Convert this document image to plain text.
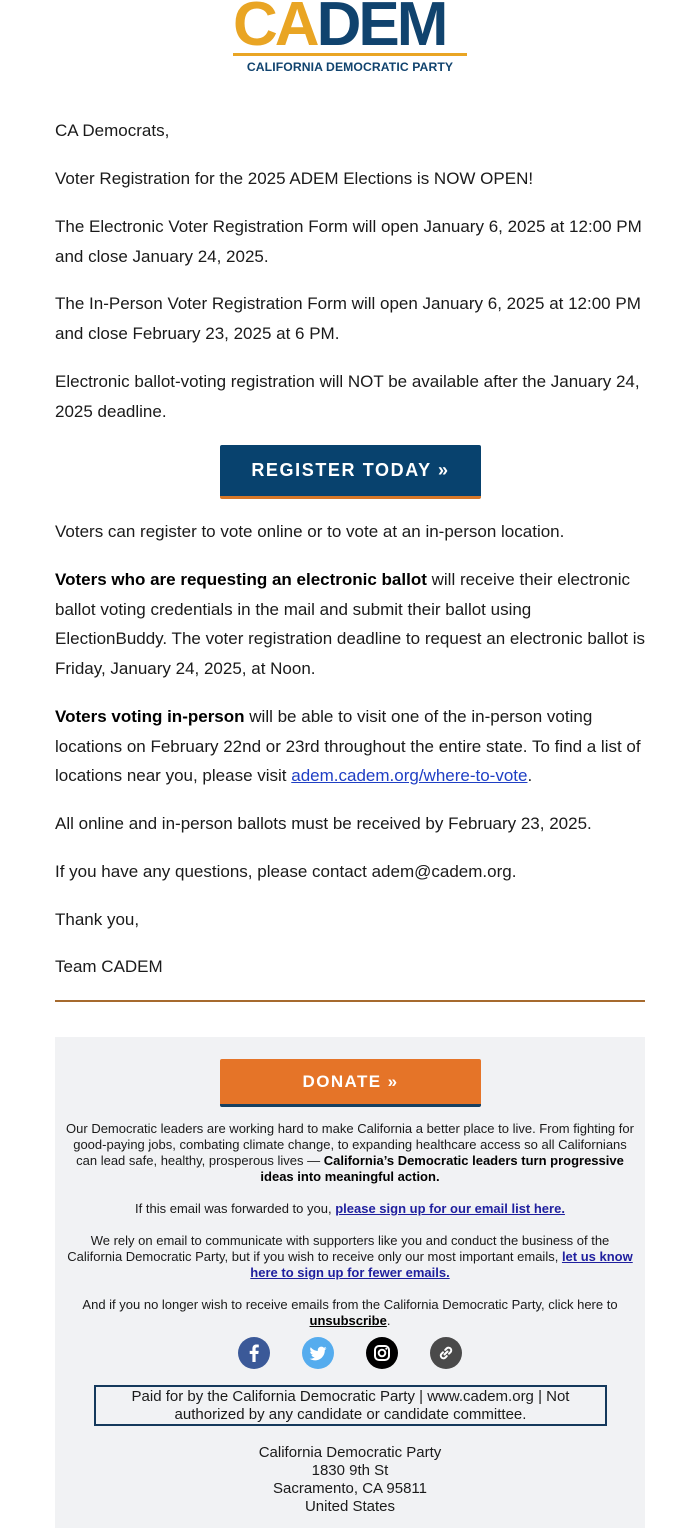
CADEM
CALIFORNIA DEMOCRATIC PARTY
CA Democrats,
Voter Registration for the 2025 ADEM Elections is NOW OPEN!
The Electronic Voter Registration Form will open January 6, 2025 at 12:00 PM and close January 24, 2025.
The In-Person Voter Registration Form will open January 6, 2025 at 12:00 PM and close February 23, 2025 at 6 PM.
Electronic ballot-voting registration will NOT be available after the January 24, 2025 deadline.
REGISTER TODAY »
Voters can register to vote online or to vote at an in-person location.
Voters who are requesting an electronic ballot will receive their electronic ballot voting credentials in the mail and submit their ballot using ElectionBuddy. The voter registration deadline to request an electronic ballot is Friday, January 24, 2025, at Noon.
Voters voting in-person will be able to visit one of the in-person voting locations on February 22nd or 23rd throughout the entire state. To find a list of locations near you, please visit adem.cadem.org/where-to-vote.
All online and in-person ballots must be received by February 23, 2025.
If you have any questions, please contact adem@cadem.org.
Thank you,
Team CADEM
DONATE »
Our Democratic leaders are working hard to make California a better place to live. From fighting for good-paying jobs, combating climate change, to expanding healthcare access so all Californians can lead safe, healthy, prosperous lives — California’s Democratic leaders turn progressive ideas into meaningful action.
If this email was forwarded to you, please sign up for our email list here.
We rely on email to communicate with supporters like you and conduct the business of the California Democratic Party, but if you wish to receive only our most important emails, let us know here to sign up for fewer emails.
And if you no longer wish to receive emails from the California Democratic Party, click here to unsubscribe.
Paid for by the California Democratic Party | www.cadem.org | Not authorized by any candidate or candidate committee.
California Democratic Party
1830 9th St
Sacramento, CA 95811
United States
